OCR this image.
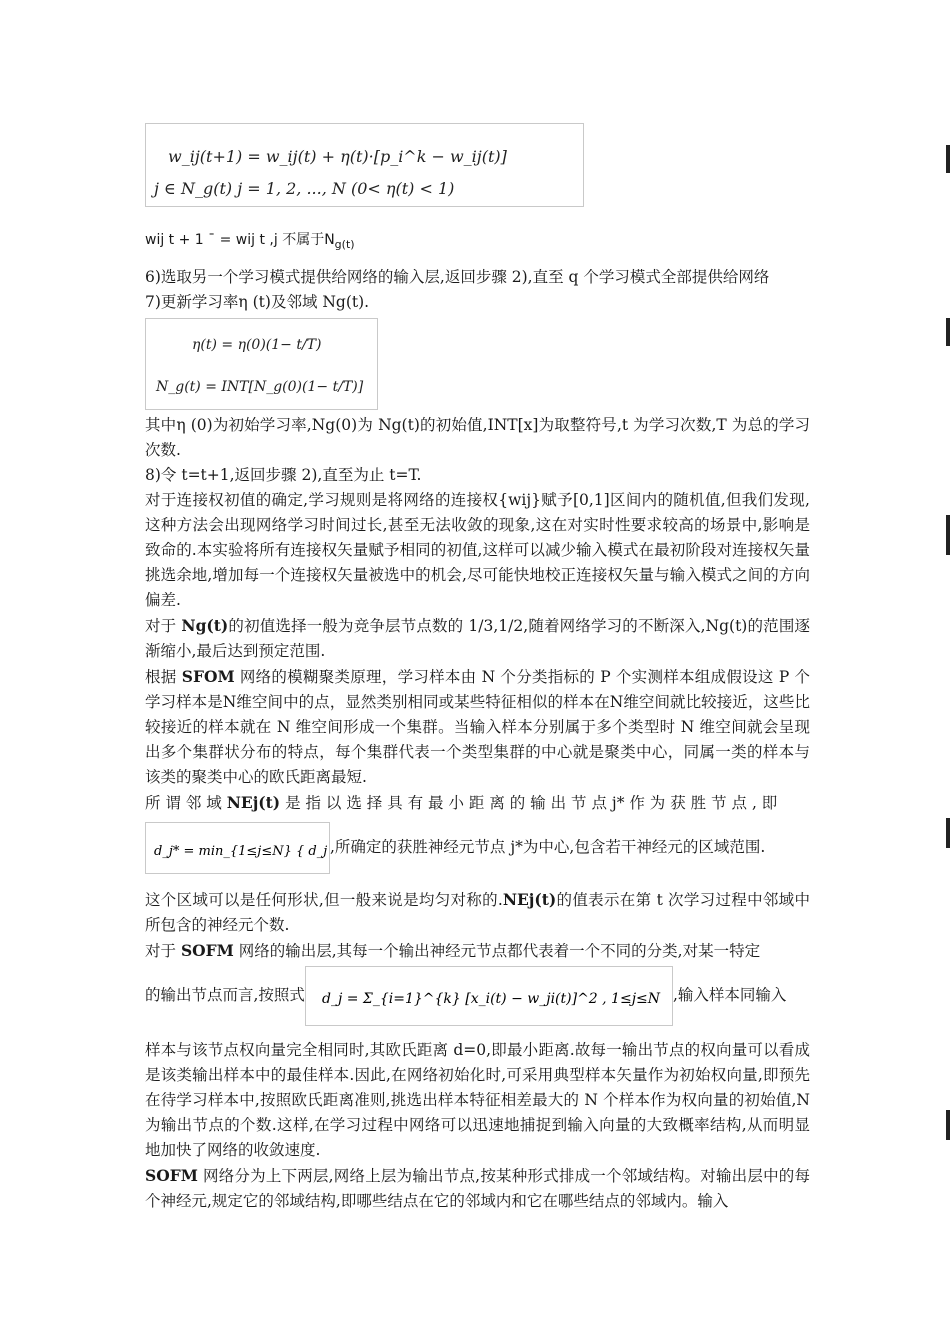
w_ij(t+1) = w_ij(t) + η(t)·[p_i^k − w_ij(t)]
j ∈ N_g(t) j = 1, 2, ..., N (0< η(t) < 1)
wij t + 1 ¯ = wij t ,j 不属于$N_{g(t)}$

6)选取另一个学习模式提供给网络的输入层,返回步骤 2),直至 q 个学习模式全部提供给网络

7)更新学习率η (t)及邻域 Ng(t).

η(t) = η(0)(1− t/T)
N_g(t) = INT[N_g(0)(1− t/T)]

其中η (0)为初始学习率,Ng(0)为 Ng(t)的初始值,INT[x]为取整符号,t 为学习次数,T 为总的学习次数.

8)令 t=t+1,返回步骤 2),直至为止 t=T.

对于连接权初值的确定,学习规则是将网络的连接权{wij}赋予[0,1]区间内的随机值,但我们发现,这种方法会出现网络学习时间过长,甚至无法收敛的现象,这在对实时性要求较高的场景中,影响是致命的.本实验将所有连接权矢量赋予相同的初值,这样可以减少输入模式在最初阶段对连接权矢量挑选余地,增加每一个连接权矢量被选中的机会,尽可能快地校正连接权矢量与输入模式之间的方向偏差.

对于 Ng(t)的初值选择一般为竞争层节点数的 1/3,1/2,随着网络学习的不断深入,Ng(t)的范围逐渐缩小,最后达到预定范围.

根据 SFOM 网络的模糊聚类原理，学习样本由 N 个分类指标的 P 个实测样本组成假设这 P 个学习样本是N维空间中的点，显然类别相同或某些特征相似的样本在N维空间就比较接近，这些比较接近的样本就在 N 维空间形成一个集群。当输入样本分别属于多个类型时 N 维空间就会呈现出多个集群状分布的特点，每个集群代表一个类型集群的中心就是聚类中心，同属一类的样本与该类的聚类中心的欧氏距离最短.

所 谓 邻 域 NEj(t) 是 指 以 选 择 具 有 最 小 距 离 的 输 出 节 点 j* 作 为 获 胜 节 点 , 即

d_j* = min_{1≤j≤N} { d_j }
,所确定的获胜神经元节点 j*为中心,包含若干神经元的区域范围.

这个区域可以是任何形状,但一般来说是均匀对称的.NEj(t)的值表示在第 t 次学习过程中邻域中所包含的神经元个数.

对于 SOFM 网络的输出层,其每一个输出神经元节点都代表着一个不同的分类,对某一特定

的输出节点而言,按照式 d_j = Σ_{i=1}^{k} [x_i(t) − w_ji(t)]^2 , 1≤j≤N ,输入样本同输入

样本与该节点权向量完全相同时,其欧氏距离 d=0,即最小距离.故每一输出节点的权向量可以看成是该类输出样本中的最佳样本.因此,在网络初始化时,可采用典型样本矢量作为初始权向量,即预先在待学习样本中,按照欧氏距离准则,挑选出样本特征相差最大的 N 个样本作为权向量的初始值,N 为输出节点的个数.这样,在学习过程中网络可以迅速地捕捉到输入向量的大致概率结构,从而明显地加快了网络的收敛速度.

SOFM 网络分为上下两层,网络上层为输出节点,按某种形式排成一个邻域结构。对输出层中的每个神经元,规定它的邻域结构,即哪些结点在它的邻域内和它在哪些结点的邻域内。输入
